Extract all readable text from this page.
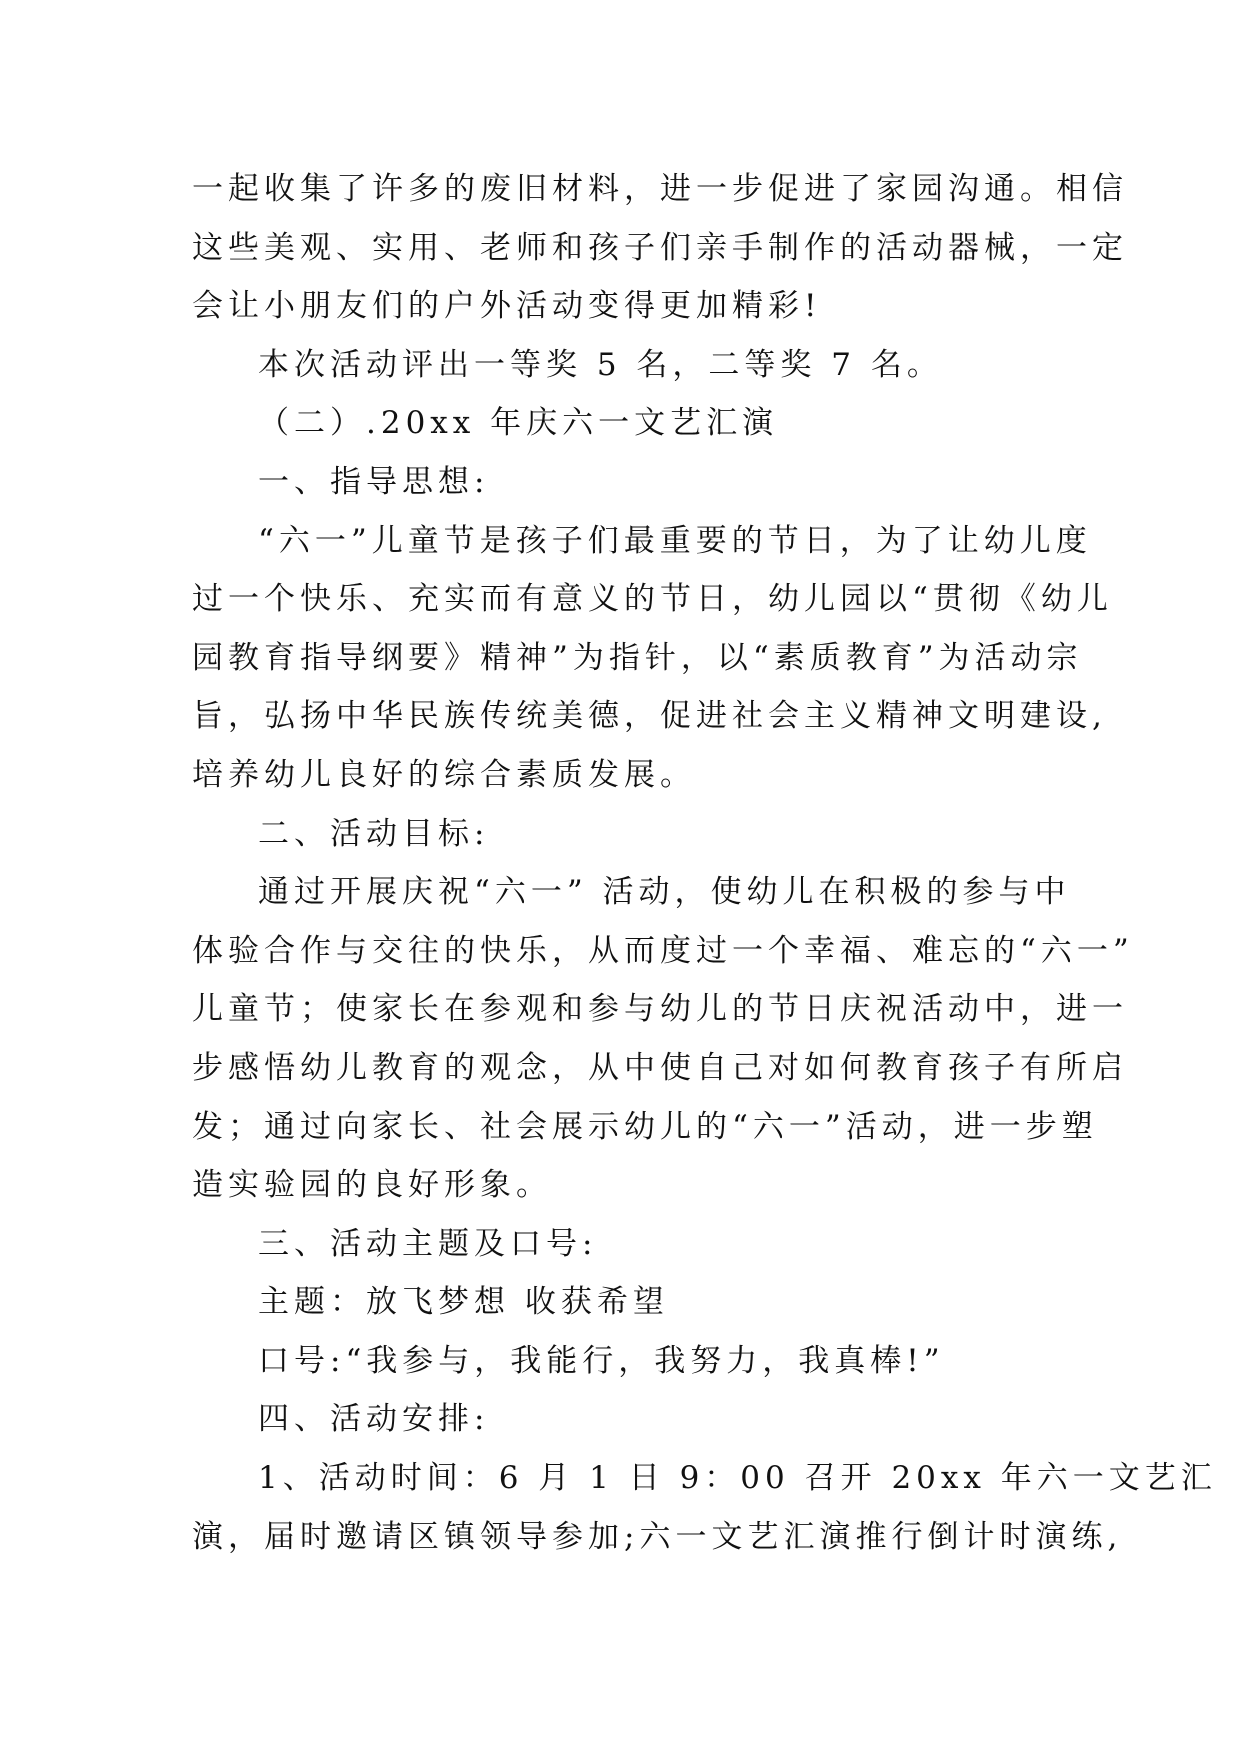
一起收集了许多的废旧材料，进一步促进了家园沟通。相信
这些美观、实用、老师和孩子们亲手制作的活动器械，一定
会让小朋友们的户外活动变得更加精彩!
本次活动评出一等奖 5 名，二等奖 7 名。
（二）.20xx 年庆六一文艺汇演
一、指导思想:
“六一”儿童节是孩子们最重要的节日，为了让幼儿度
过一个快乐、充实而有意义的节日，幼儿园以“贯彻《幼儿
园教育指导纲要》精神”为指针，以“素质教育”为活动宗
旨，弘扬中华民族传统美德，促进社会主义精神文明建设,
培养幼儿良好的综合素质发展。
二、活动目标:
通过开展庆祝“六一” 活动，使幼儿在积极的参与中
体验合作与交往的快乐，从而度过一个幸福、难忘的“六一”
儿童节；使家长在参观和参与幼儿的节日庆祝活动中，进一
步感悟幼儿教育的观念，从中使自己对如何教育孩子有所启
发；通过向家长、社会展示幼儿的“六一”活动，进一步塑
造实验园的良好形象。
三、活动主题及口号:
主题：放飞梦想 收获希望
口号:“我参与，我能行，我努力，我真棒!”
四、活动安排:
1、活动时间：6 月 1 日 9：00 召开 20xx 年六一文艺汇
演，届时邀请区镇领导参加;六一文艺汇演推行倒计时演练,
